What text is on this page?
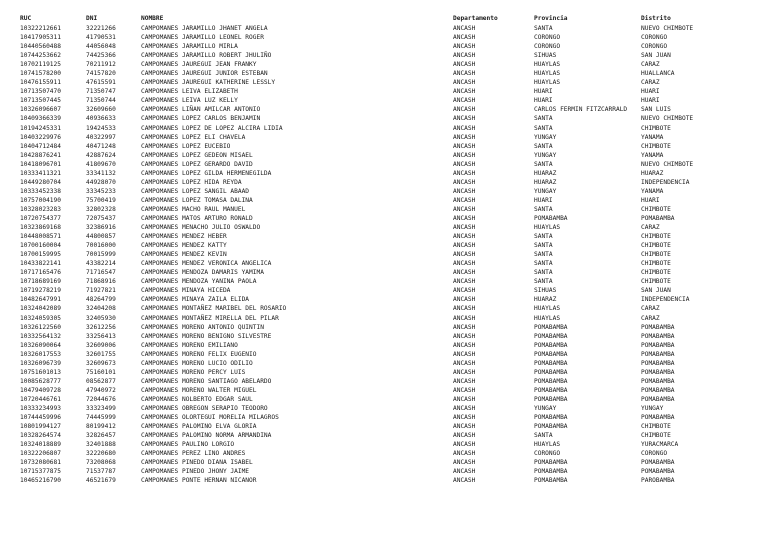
RUC	DNI	NOMBRE	Departamento	Provincia	Distrito
10322212661	32221266	CAMPOMANES JARAMILLO JHANET ANGELA	ANCASH	SANTA	NUEVO CHIMBOTE
10417905311	41790531	CAMPOMANES JARAMILLO LEONEL ROGER	ANCASH	CORONGO	CORONGO
10440560488	44056048	CAMPOMANES JARAMILLO MIRLA	ANCASH	CORONGO	CORONGO
10744253662	74425366	CAMPOMANES JARAMILLO ROBERT JHULIÑO	ANCASH	SIHUAS	SAN JUAN
10702119125	70211912	CAMPOMANES JAUREGUI JEAN FRANKY	ANCASH	HUAYLAS	CARAZ
10741578200	74157820	CAMPOMANES JAUREGUI JUNIOR ESTEBAN	ANCASH	HUAYLAS	HUALLANCA
10476155911	47615591	CAMPOMANES JAUREGUI KATHERINE LESSLY	ANCASH	HUAYLAS	CARAZ
10713507470	71350747	CAMPOMANES LEIVA ELIZABETH	ANCASH	HUARI	HUARI
10713507445	71350744	CAMPOMANES LEIVA LUZ KELLY	ANCASH	HUARI	HUARI
10326096607	32609660	CAMPOMANES LIÑAN AMILCAR ANTONIO	ANCASH	CARLOS FERMIN FITZCARRALD	SAN LUIS
10409366339	40936633	CAMPOMANES LOPEZ CARLOS BENJAMIN	ANCASH	SANTA	NUEVO CHIMBOTE
10194245331	19424533	CAMPOMANES LOPEZ DE LOPEZ ALCIRA LIDIA	ANCASH	SANTA	CHIMBOTE
10403229976	40322997	CAMPOMANES LOPEZ ELI CHAVELA	ANCASH	YUNGAY	YANAMA
10404712484	40471248	CAMPOMANES LOPEZ EUCEBIO	ANCASH	SANTA	CHIMBOTE
10428876241	42887624	CAMPOMANES LOPEZ GEDEON MISAEL	ANCASH	YUNGAY	YANAMA
10418096701	41809670	CAMPOMANES LOPEZ GERARDO DAVID	ANCASH	SANTA	NUEVO CHIMBOTE
10333411321	33341132	CAMPOMANES LOPEZ GILDA HERMENEGILDA	ANCASH	HUARAZ	HUARAZ
10449280704	44928070	CAMPOMANES LOPEZ HIDA REYDA	ANCASH	HUARAZ	INDEPENDENCIA
10333452338	33345233	CAMPOMANES LOPEZ SANGIL ABAAD	ANCASH	YUNGAY	YANAMA
10757004190	75700419	CAMPOMANES LOPEZ TOMASA DALINA	ANCASH	HUARI	HUARI
10328023283	32802328	CAMPOMANES MACHO RAUL MANUEL	ANCASH	SANTA	CHIMBOTE
10720754377	72075437	CAMPOMANES MATOS ARTURO RONALD	ANCASH	POMABAMBA	POMABAMBA
10323869168	32386916	CAMPOMANES MENACHO JULIO OSWALDO	ANCASH	HUAYLAS	CARAZ
10448008571	44800857	CAMPOMANES MENDEZ HEBER	ANCASH	SANTA	CHIMBOTE
10700160004	70016000	CAMPOMANES MENDEZ KATTY	ANCASH	SANTA	CHIMBOTE
10700159995	70015999	CAMPOMANES MENDEZ KEVIN	ANCASH	SANTA	CHIMBOTE
10433822141	43382214	CAMPOMANES MENDEZ VERONICA ANGELICA	ANCASH	SANTA	CHIMBOTE
10717165476	71716547	CAMPOMANES MENDOZA DAMARIS YAMIMA	ANCASH	SANTA	CHIMBOTE
10718689169	71868916	CAMPOMANES MENDOZA YANINA PAOLA	ANCASH	SANTA	CHIMBOTE
10719278219	71927821	CAMPOMANES MINAYA HICEDA	ANCASH	SIHUAS	SAN JUAN
10482647991	48264799	CAMPOMANES MINAYA ZAILA ELIDA	ANCASH	HUARAZ	INDEPENDENCIA
10324042089	32404208	CAMPOMANES MONTAÑEZ MARIBEL DEL ROSARIO	ANCASH	HUAYLAS	CARAZ
10324059305	32405930	CAMPOMANES MONTAÑEZ MIRELLA DEL PILAR	ANCASH	HUAYLAS	CARAZ
10326122560	32612256	CAMPOMANES MORENO ANTONIO QUINTIN	ANCASH	POMABAMBA	POMABAMBA
10332564132	33256413	CAMPOMANES MORENO BENIGNO SILVESTRE	ANCASH	POMABAMBA	POMABAMBA
10326090064	32609006	CAMPOMANES MORENO EMILIANO	ANCASH	POMABAMBA	POMABAMBA
10326017553	32601755	CAMPOMANES MORENO FELIX EUGENIO	ANCASH	POMABAMBA	POMABAMBA
10326096739	32609673	CAMPOMANES MORENO LUCIO ODILIO	ANCASH	POMABAMBA	POMABAMBA
10751601013	75160101	CAMPOMANES MORENO PERCY LUIS	ANCASH	POMABAMBA	POMABAMBA
10085628777	08562877	CAMPOMANES MORENO SANTIAGO ABELARDO	ANCASH	POMABAMBA	POMABAMBA
10479409728	47940972	CAMPOMANES MORENO WALTER MIGUEL	ANCASH	POMABAMBA	POMABAMBA
10720446761	72044676	CAMPOMANES NOLBERTO EDGAR SAUL	ANCASH	POMABAMBA	POMABAMBA
10333234993	33323499	CAMPOMANES OBREGON SERAPIO TEODORO	ANCASH	YUNGAY	YUNGAY
10744459996	74445999	CAMPOMANES OLORTEGUI MORELIA MILAGROS	ANCASH	POMABAMBA	POMABAMBA
10801994127	80199412	CAMPOMANES PALOMINO ELVA GLORIA	ANCASH	POMABAMBA	CHIMBOTE
10328264574	32826457	CAMPOMANES PALOMINO NORMA ARMANDINA	ANCASH	SANTA	CHIMBOTE
10324018889	32401888	CAMPOMANES PAULINO LORGIO	ANCASH	HUAYLAS	YURACMARCA
10322206807	32220680	CAMPOMANES PEREZ LINO ANDRES	ANCASH	CORONGO	CORONGO
10732080681	73208068	CAMPOMANES PINEDO DIANA ISABEL	ANCASH	POMABAMBA	POMABAMBA
10715377875	71537787	CAMPOMANES PINEDO JHONY JAIME	ANCASH	POMABAMBA	POMABAMBA
10465216790	46521679	CAMPOMANES PONTE HERNAN NICANOR	ANCASH	POMABAMBA	PAROBAMBA
